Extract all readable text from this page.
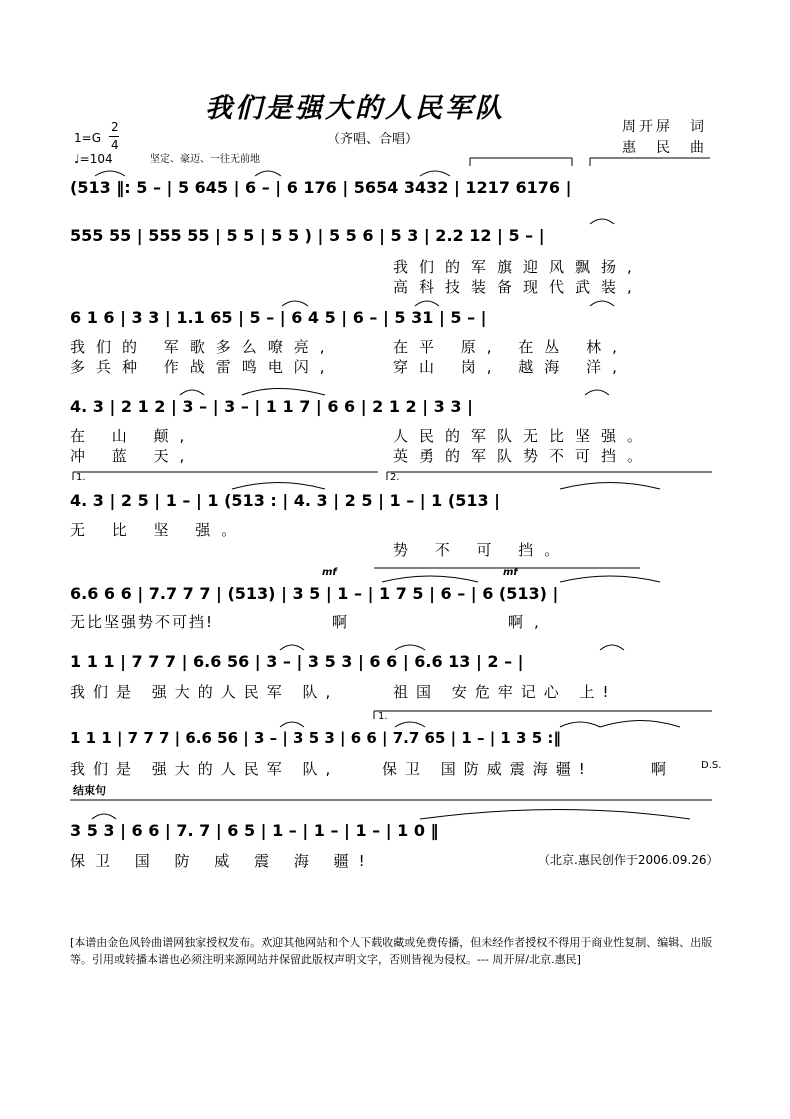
我们是强大的人民军队
（齐唱、合唱）
周开屏　词
惠　民　曲
1=G
2
4
♩=104	坚定、豪迈、一往无前地
(513 ‖: 5 – | 5 645 | 6 – | 6 176 | 5654 3432 | 1217 6176 |
555 55 | 555 55 | 5 5 | 5 5 ) | 5 5 6 | 5 3 | 2.2 12 | 5 – |
我们的军旗迎风飘扬,
高科技装备现代武装,
6 1 6 | 3 3 | 1.1 65 | 5 – | 6 4 5 | 6 – | 5 31 | 5 – |
我们的 军歌多么嘹亮,
多兵种 作战雷鸣电闪,
在平 原, 在丛 林,
穿山 岗, 越海 洋,
4. 3 | 2 1 2 | 3 – | 3 – | 1 1 7 | 6 6 | 2 1 2 | 3 3 |
在 山 颠,
冲 蓝 天,
人民的军队无比坚强。
英勇的军队势不可挡。
1.	2.
4. 3 | 2 5 | 1 – | 1 (513 : | 4. 3 | 2 5 | 1 – | 1 (513 |
无 比 坚 强。
势 不 可 挡。
mf	mf
6.6 6 6 | 7.7 7 7 | (513) | 3 5 | 1 – | 1 7 5 | 6 – | 6 (513) |
无比坚强势不可挡!	啊	啊,
1 1 1 | 7 7 7 | 6.6 56 | 3 – | 3 5 3 | 6 6 | 6.6 13 | 2 – |
我们是 强大的人民军 队,	祖国 安危牢记心 上!
1.
1 1 1 | 7 7 7 | 6.6 56 | 3 – | 3 5 3 | 6 6 | 7.7 65 | 1 – | 1 3 5 :‖
我们是 强大的人民军 队,	保卫 国防威震海疆!	啊 D.S.
结束句
3 5 3 | 6 6 | 7. 7 | 6 5 | 1 – | 1 – | 1 – | 1 0 ‖
保卫 国 防 威 震 海 疆!	（北京.惠民创作于2006.09.26）
[本谱由金色风铃曲谱网独家授权发布。欢迎其他网站和个人下载收藏或免费传播，但未经作者授权不得用于商业性复制、编辑、出版等。引用或转播本谱也必须注明来源网站并保留此版权声明文字，否则皆视为侵权。--- 周开屏/北京.惠民]
